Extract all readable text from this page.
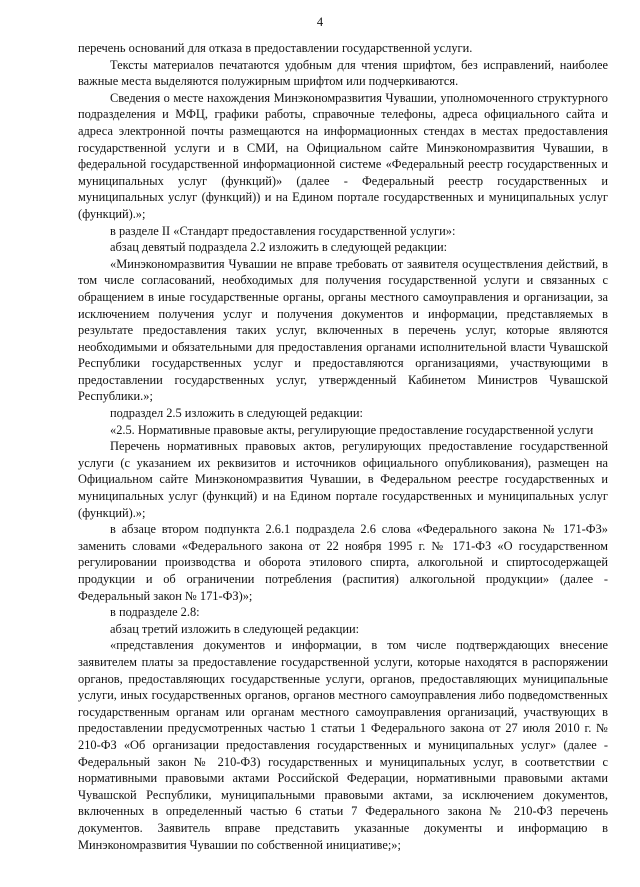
4

перечень оснований для отказа в предоставлении государственной услуги.

Тексты материалов печатаются удобным для чтения шрифтом, без исправлений, наиболее важные места выделяются полужирным шрифтом или подчеркиваются.

Сведения о месте нахождения Минэкономразвития Чувашии, уполномоченного структурного подразделения и МФЦ, графики работы, справочные телефоны, адреса официального сайта и адреса электронной почты размещаются на информационных стендах в местах предоставления государственной услуги и в СМИ, на Официальном сайте Минэкономразвития Чувашии, в федеральной государственной информационной системе «Федеральный реестр государственных и муниципальных услуг (функций)» (далее - Федеральный реестр государственных и муниципальных услуг (функций)) и на Едином портале государственных и муниципальных услуг (функций).»;

в разделе II «Стандарт предоставления государственной услуги»:

абзац девятый подраздела 2.2 изложить в следующей редакции:

«Минэкономразвития Чувашии не вправе требовать от заявителя осуществления действий, в том числе согласований, необходимых для получения государственной услуги и связанных с обращением в иные государственные органы, органы местного самоуправления и организации, за исключением получения услуг и получения документов и информации, представляемых в результате предоставления таких услуг, включенных в перечень услуг, которые являются необходимыми и обязательными для предоставления органами исполнительной власти Чувашской Республики государственных услуг и предоставляются организациями, участвующими в предоставлении государственных услуг, утвержденный Кабинетом Министров Чувашской Республики.»;

подраздел 2.5 изложить в следующей редакции:

«2.5. Нормативные правовые акты, регулирующие предоставление государственной услуги

Перечень нормативных правовых актов, регулирующих предоставление государственной услуги (с указанием их реквизитов и источников официального опубликования), размещен на Официальном сайте Минэкономразвития Чувашии, в Федеральном реестре государственных и муниципальных услуг (функций) и на Едином портале государственных и муниципальных услуг (функций).»;

в абзаце втором подпункта 2.6.1 подраздела 2.6 слова «Федерального закона № 171-ФЗ» заменить словами «Федерального закона от 22 ноября 1995 г. № 171-ФЗ «О государственном регулировании производства и оборота этилового спирта, алкогольной и спиртосодержащей продукции и об ограничении потребления (распития) алкогольной продукции» (далее - Федеральный закон № 171-ФЗ)»;

в подразделе 2.8:

абзац третий изложить в следующей редакции:

«представления документов и информации, в том числе подтверждающих внесение заявителем платы за предоставление государственной услуги, которые находятся в распоряжении органов, предоставляющих государственные услуги, органов, предоставляющих муниципальные услуги, иных государственных органов, органов местного самоуправления либо подведомственных государственным органам или органам местного самоуправления организаций, участвующих в предоставлении предусмотренных частью 1 статьи 1 Федерального закона от 27 июля 2010 г. № 210-ФЗ «Об организации предоставления государственных и муниципальных услуг» (далее - Федеральный закон № 210-ФЗ) государственных и муниципальных услуг, в соответствии с нормативными правовыми актами Российской Федерации, нормативными правовыми актами Чувашской Республики, муниципальными правовыми актами, за исключением документов, включенных в определенный частью 6 статьи 7 Федерального закона № 210-ФЗ перечень документов. Заявитель вправе представить указанные документы и информацию в Минэкономразвития Чувашии по собственной инициативе;»;
